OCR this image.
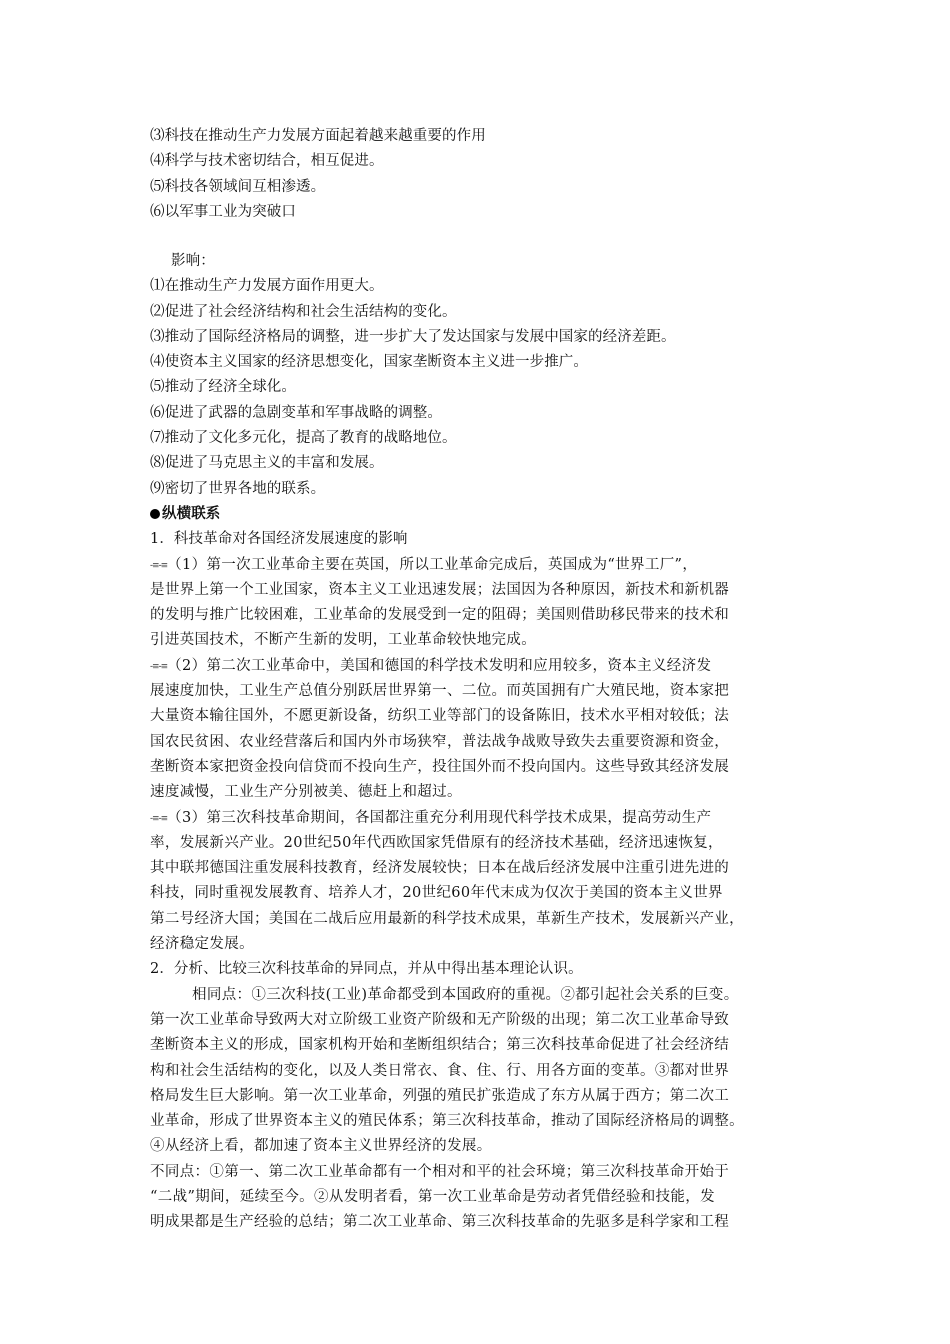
⑶科技在推动生产力发展方面起着越来越重要的作用
⑷科学与技术密切结合，相互促进。
⑸科技各领域间互相渗透。
⑹以军事工业为突破口
影响：
⑴在推动生产力发展方面作用更大。
⑵促进了社会经济结构和社会生活结构的变化。
⑶推动了国际经济格局的调整，进一步扩大了发达国家与发展中国家的经济差距。
⑷使资本主义国家的经济思想变化，国家垄断资本主义进一步推广。
⑸推动了经济全球化。
⑹促进了武器的急剧变革和军事战略的调整。
⑺推动了文化多元化，提高了教育的战略地位。
⑻促进了马克思主义的丰富和发展。
⑼密切了世界各地的联系。
纵横联系
1．科技革命对各国经济发展速度的影响
-≡-≡（1）第一次工业革命主要在英国，所以工业革命完成后，英国成为“世界工厂”，
是世界上第一个工业国家，资本主义工业迅速发展；法国因为各种原因，新技术和新机器
的发明与推广比较困难，工业革命的发展受到一定的阻碍；美国则借助移民带来的技术和
引进英国技术，不断产生新的发明，工业革命较快地完成。
-≡-≡（2）第二次工业革命中，美国和德国的科学技术发明和应用较多，资本主义经济发
展速度加快，工业生产总值分别跃居世界第一、二位。而英国拥有广大殖民地，资本家把
大量资本输往国外，不愿更新设备，纺织工业等部门的设备陈旧，技术水平相对较低；法
国农民贫困、农业经营落后和国内外市场狭窄，普法战争战败导致失去重要资源和资金，
垄断资本家把资金投向信贷而不投向生产，投往国外而不投向国内。这些导致其经济发展
速度减慢，工业生产分别被美、德赶上和超过。
-≡-≡（3）第三次科技革命期间，各国都注重充分利用现代科学技术成果，提高劳动生产
率，发展新兴产业。20世纪50年代西欧国家凭借原有的经济技术基础，经济迅速恢复，
其中联邦德国注重发展科技教育，经济发展较快；日本在战后经济发展中注重引进先进的
科技，同时重视发展教育、培养人才，20世纪60年代末成为仅次于美国的资本主义世界
第二号经济大国；美国在二战后应用最新的科学技术成果，革新生产技术，发展新兴产业，
经济稳定发展。
2．分析、比较三次科技革命的异同点，并从中得出基本理论认识。
相同点：①三次科技(工业)革命都受到本国政府的重视。②都引起社会关系的巨变。
第一次工业革命导致两大对立阶级工业资产阶级和无产阶级的出现；第二次工业革命导致
垄断资本主义的形成，国家机构开始和垄断组织结合；第三次科技革命促进了社会经济结
构和社会生活结构的变化，以及人类日常衣、食、住、行、用各方面的变革。③都对世界
格局发生巨大影响。第一次工业革命，列强的殖民扩张造成了东方从属于西方；第二次工
业革命，形成了世界资本主义的殖民体系；第三次科技革命，推动了国际经济格局的调整。
④从经济上看，都加速了资本主义世界经济的发展。
不同点：①第一、第二次工业革命都有一个相对和平的社会环境；第三次科技革命开始于
“二战”期间，延续至今。②从发明者看，第一次工业革命是劳动者凭借经验和技能，发
明成果都是生产经验的总结；第二次工业革命、第三次科技革命的先驱多是科学家和工程
